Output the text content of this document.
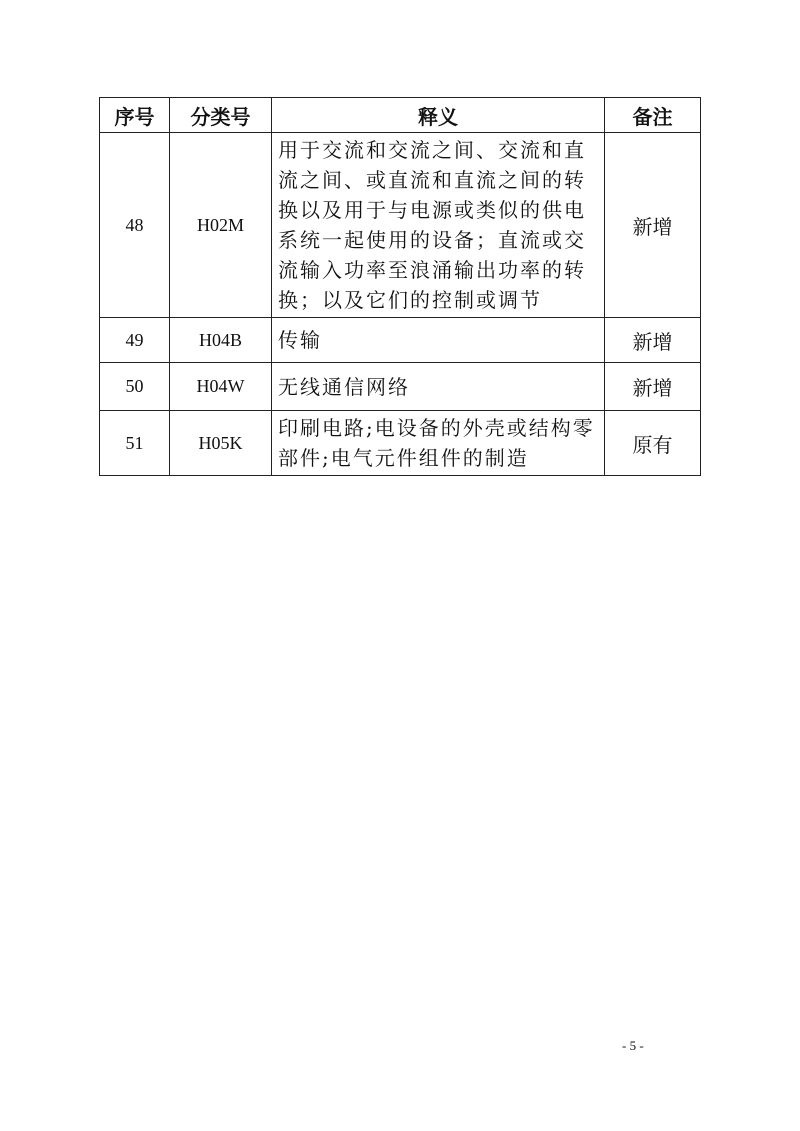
序号	分类号	释义	备注
48	H02M	用于交流和交流之间、交流和直流之间、或直流和直流之间的转换以及用于与电源或类似的供电系统一起使用的设备；直流或交流输入功率至浪涌输出功率的转换；以及它们的控制或调节	新增
49	H04B	传输	新增
50	H04W	无线通信网络	新增
51	H05K	印刷电路;电设备的外壳或结构零部件;电气元件组件的制造	原有
- 5 -
